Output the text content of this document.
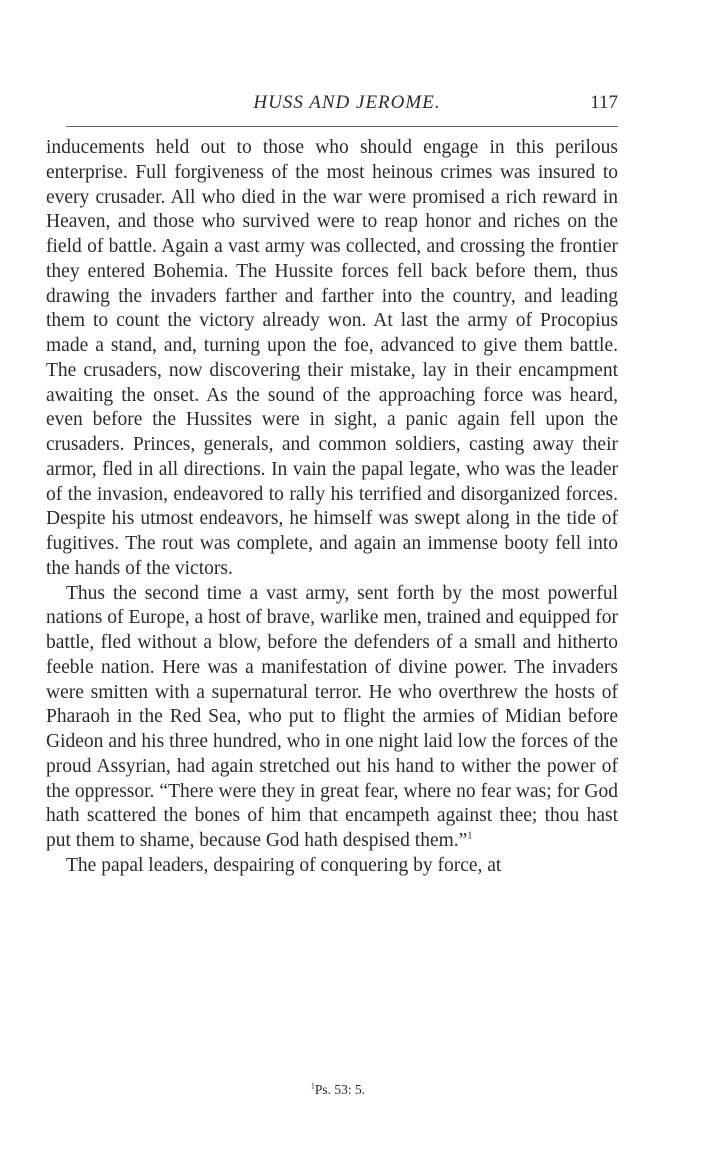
HUSS AND JEROME.	117

inducements held out to those who should engage in this perilous enterprise. Full forgiveness of the most heinous crimes was insured to every crusader. All who died in the war were promised a rich reward in Heaven, and those who survived were to reap honor and riches on the field of battle. Again a vast army was collected, and crossing the frontier they entered Bohemia. The Hussite forces fell back before them, thus drawing the invaders farther and farther into the country, and leading them to count the victory already won. At last the army of Procopius made a stand, and, turning upon the foe, advanced to give them battle. The crusaders, now discovering their mistake, lay in their encampment awaiting the onset. As the sound of the approaching force was heard, even before the Hussites were in sight, a panic again fell upon the crusaders. Princes, generals, and common soldiers, casting away their armor, fled in all directions. In vain the papal legate, who was the leader of the invasion, endeavored to rally his terrified and disorganized forces. Despite his utmost endeavors, he himself was swept along in the tide of fugitives. The rout was complete, and again an immense booty fell into the hands of the victors.

Thus the second time a vast army, sent forth by the most powerful nations of Europe, a host of brave, warlike men, trained and equipped for battle, fled without a blow, before the defenders of a small and hitherto feeble nation. Here was a manifestation of divine power. The invaders were smitten with a supernatural terror. He who overthrew the hosts of Pharaoh in the Red Sea, who put to flight the armies of Midian before Gideon and his three hundred, who in one night laid low the forces of the proud Assyrian, had again stretched out his hand to wither the power of the oppressor. “There were they in great fear, where no fear was; for God hath scattered the bones of him that encampeth against thee; thou hast put them to shame, because God hath despised them.”$^1$

The papal leaders, despairing of conquering by force, at

$^1$Ps. 53: 5.
